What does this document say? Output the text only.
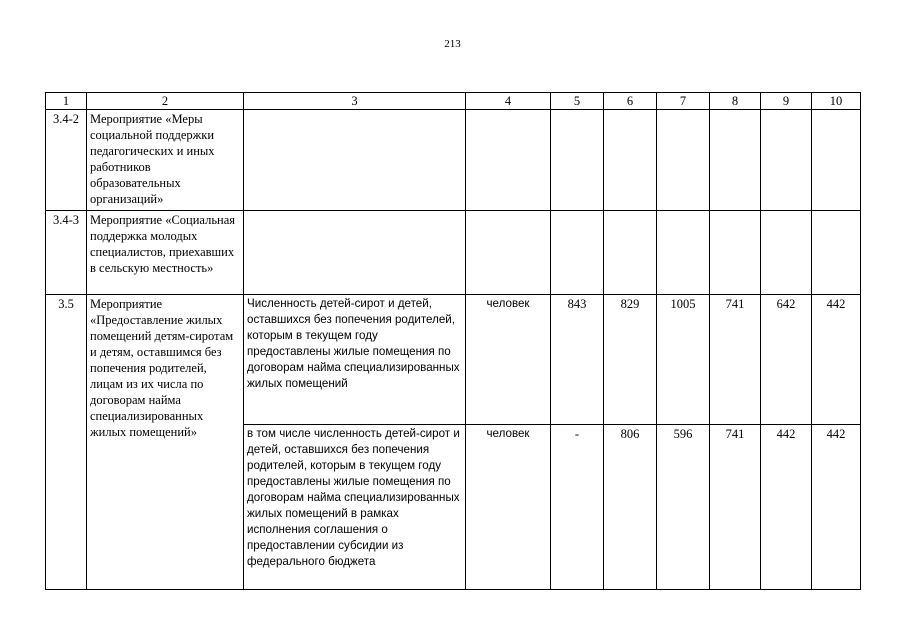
213
1	2	3	4	5	6	7	8	9	10
3.4-2	Мероприятие «Меры социальной поддержки педагогических и иных работников образовательных организаций»								
3.4-3	Мероприятие «Социальная поддержка молодых специалистов, приехавших в сельскую местность»								
3.5	Мероприятие «Предоставление жилых помещений детям-сиротам и детям, оставшимся без попечения родителей, лицам из их числа по договорам найма специализированных жилых помещений»	Численность детей-сирот и детей, оставшихся без попечения родителей, которым в текущем году предоставлены жилые помещения по договорам найма специализированных жилых помещений	человек	843	829	1005	741	642	442
		в том числе численность детей-сирот и детей, оставшихся без попечения родителей, которым в текущем году предоставлены жилые помещения по договорам найма специализированных жилых помещений в рамках исполнения соглашения о предоставлении субсидии из федерального бюджета	человек	-	806	596	741	442	442
